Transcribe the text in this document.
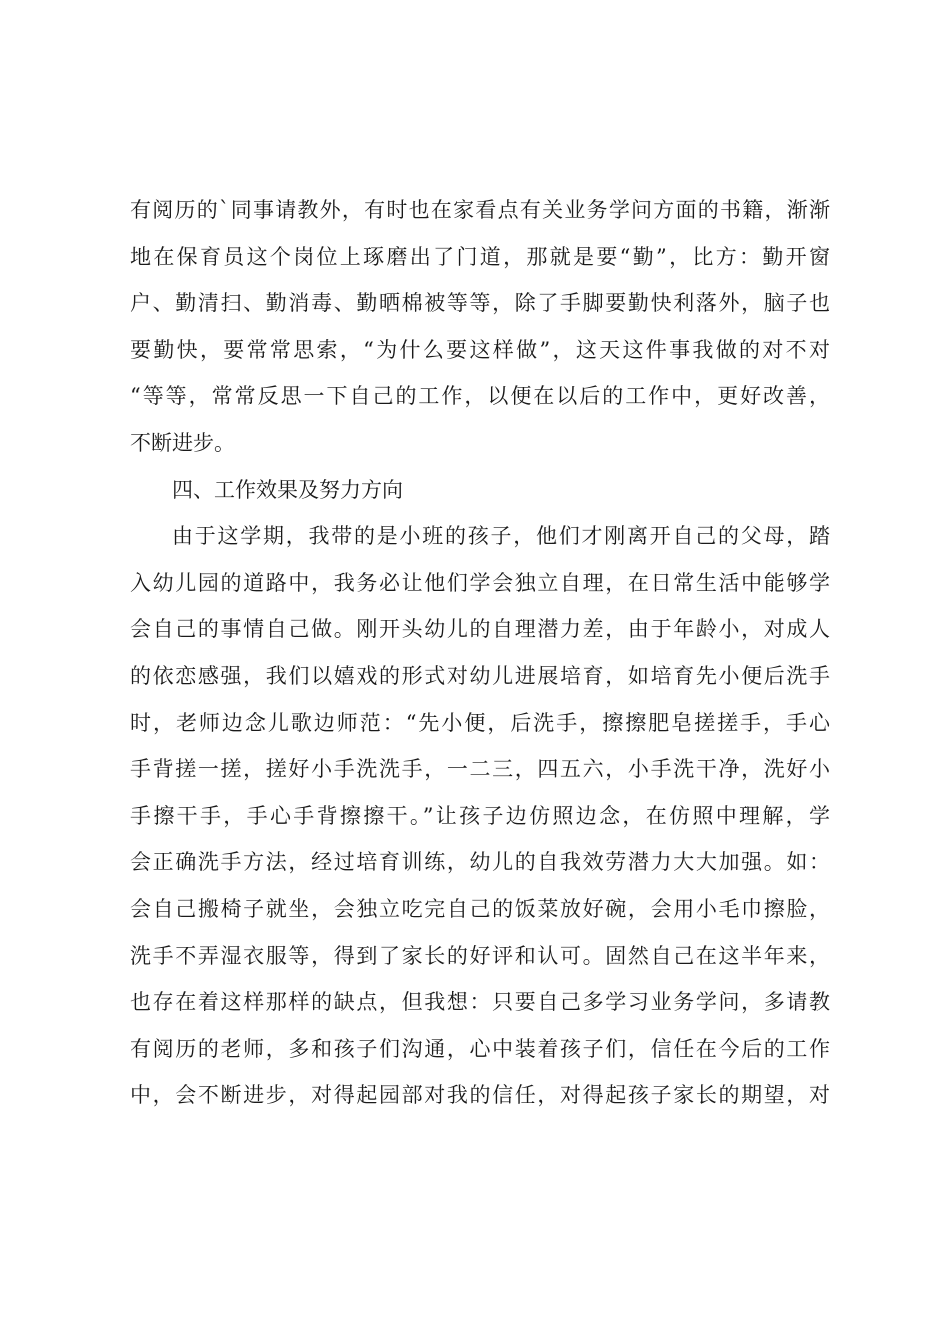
有阅历的`同事请教外，有时也在家看点有关业务学问方面的书籍，渐渐
地在保育员这个岗位上琢磨出了门道，那就是要“勤”，比方：勤开窗
户、勤清扫、勤消毒、勤晒棉被等等，除了手脚要勤快利落外，脑子也
要勤快，要常常思索，“为什么要这样做”，这天这件事我做的对不对
“等等，常常反思一下自己的工作，以便在以后的工作中，更好改善，
不断进步。
四、工作效果及努力方向
由于这学期，我带的是小班的孩子，他们才刚离开自己的父母，踏
入幼儿园的道路中，我务必让他们学会独立自理，在日常生活中能够学
会自己的事情自己做。刚开头幼儿的自理潜力差，由于年龄小，对成人
的依恋感强，我们以嬉戏的形式对幼儿进展培育，如培育先小便后洗手
时，老师边念儿歌边师范：“先小便，后洗手，擦擦肥皂搓搓手，手心
手背搓一搓，搓好小手洗洗手，一二三，四五六，小手洗干净，洗好小
手擦干手，手心手背擦擦干。”让孩子边仿照边念，在仿照中理解，学
会正确洗手方法，经过培育训练，幼儿的自我效劳潜力大大加强。如：
会自己搬椅子就坐，会独立吃完自己的饭菜放好碗，会用小毛巾擦脸，
洗手不弄湿衣服等，得到了家长的好评和认可。固然自己在这半年来，
也存在着这样那样的缺点，但我想：只要自己多学习业务学问，多请教
有阅历的老师，多和孩子们沟通，心中装着孩子们，信任在今后的工作
中，会不断进步，对得起园部对我的信任，对得起孩子家长的期望，对
